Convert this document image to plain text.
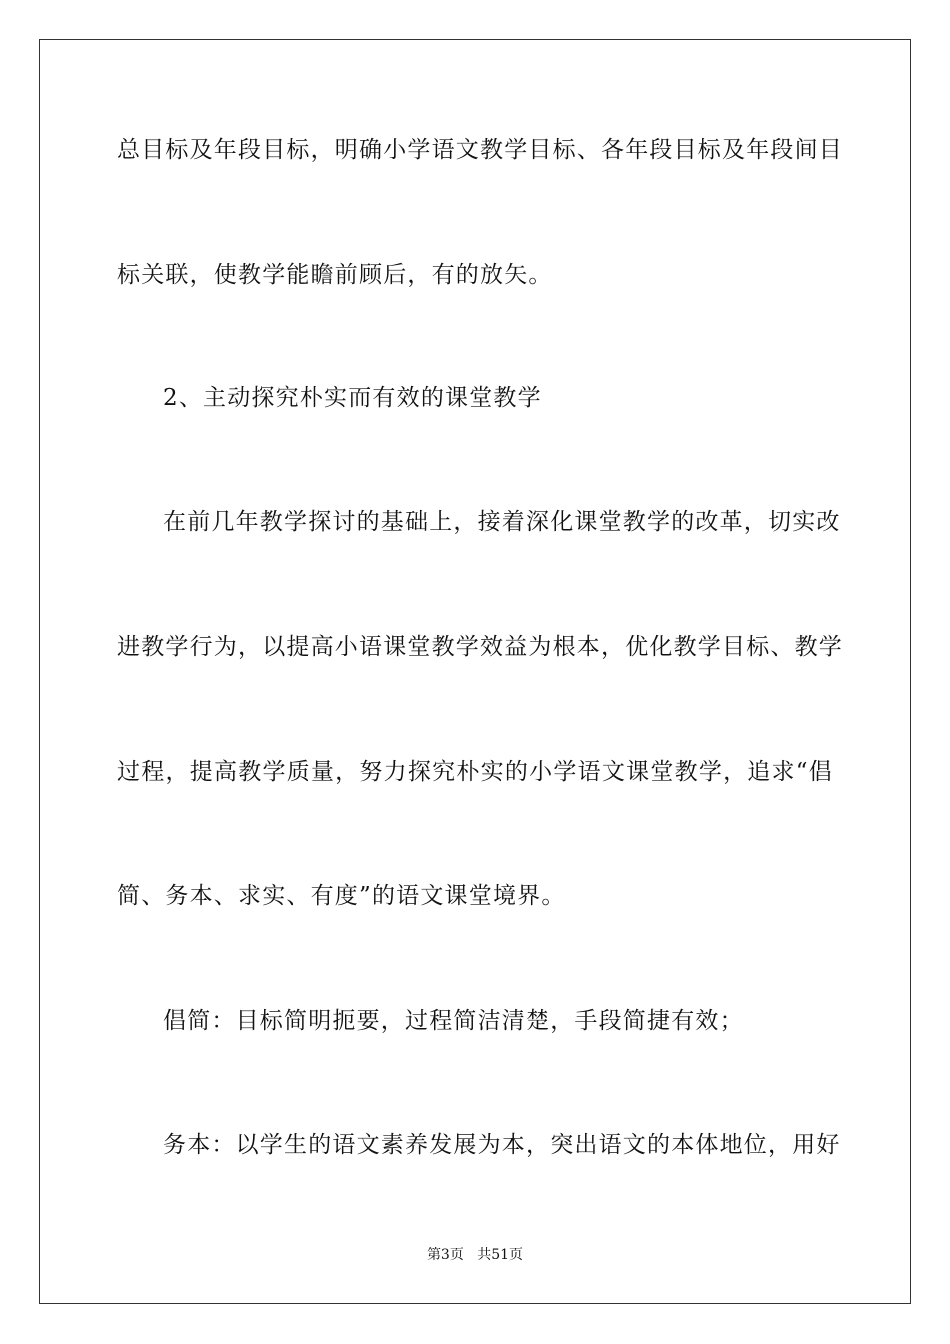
总目标及年段目标，明确小学语文教学目标、各年段目标及年段间目
标关联，使教学能瞻前顾后，有的放矢。
2、主动探究朴实而有效的课堂教学
在前几年教学探讨的基础上，接着深化课堂教学的改革，切实改
进教学行为，以提高小语课堂教学效益为根本，优化教学目标、教学
过程，提高教学质量，努力探究朴实的小学语文课堂教学，追求“倡
简、务本、求实、有度”的语文课堂境界。
倡简：目标简明扼要，过程简洁清楚，手段简捷有效；
务本：以学生的语文素养发展为本，突出语文的本体地位，用好
第3页 共51页
